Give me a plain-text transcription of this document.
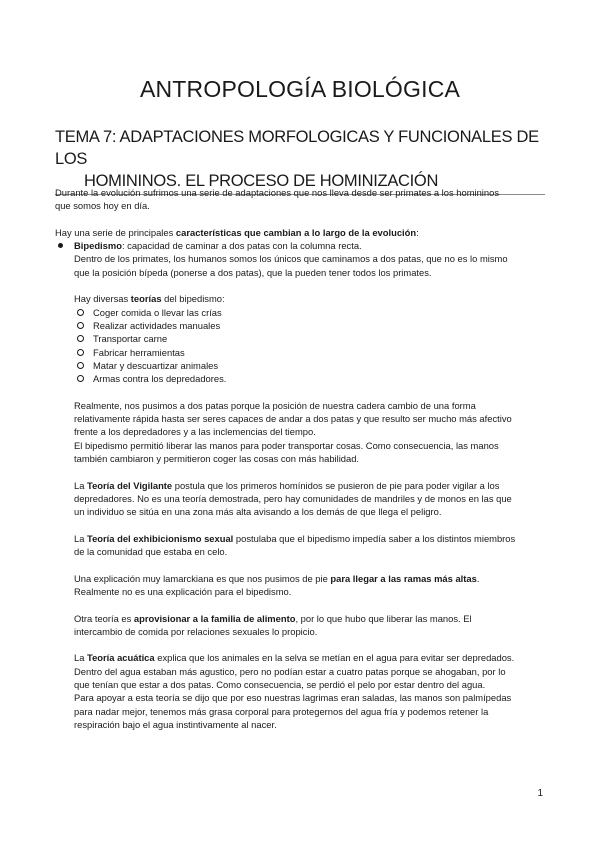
ANTROPOLOGÍA BIOLÓGICA
TEMA 7: ADAPTACIONES MORFOLOGICAS Y FUNCIONALES DE LOS
HOMININOS. EL PROCESO DE HOMINIZACIÓN

Durante la evolución sufrimos una serie de adaptaciones que nos lleva desde ser primates a los homininos
que somos hoy en día.

Hay una serie de principales características que cambian a lo largo de la evolución:

Bipedismo: capacidad de caminar a dos patas con la columna recta.
Dentro de los primates, los humanos somos los únicos que caminamos a dos patas, que no es lo mismo
que la posición bípeda (ponerse a dos patas), que la pueden tener todos los primates.

Hay diversas teorías del bipedismo:

Coger comida o llevar las crías
Realizar actividades manuales
Transportar carne
Fabricar herramientas
Matar y descuartizar animales
Armas contra los depredadores.

Realmente, nos pusimos a dos patas porque la posición de nuestra cadera cambio de una forma
relativamente rápida hasta ser seres capaces de andar a dos patas y que resulto ser mucho más afectivo
frente a los depredadores y a las inclemencias del tiempo.
El bipedismo permitió liberar las manos para poder transportar cosas. Como consecuencia, las manos
también cambiaron y permitieron coger las cosas con más habilidad.

La Teoría del Vigilante postula que los primeros homínidos se pusieron de pie para poder vigilar a los
depredadores. No es una teoría demostrada, pero hay comunidades de mandriles y de monos en las que
un individuo se sitúa en una zona más alta avisando a los demás de que llega el peligro.

La Teoría del exhibicionismo sexual postulaba que el bipedismo impedía saber a los distintos miembros
de la comunidad que estaba en celo.

Una explicación muy lamarckiana es que nos pusimos de pie para llegar a las ramas más altas.
Realmente no es una explicación para el bipedismo.

Otra teoría es aprovisionar a la familia de alimento, por lo que hubo que liberar las manos. El
intercambio de comida por relaciones sexuales lo propicio.

La Teoría acuática explica que los animales en la selva se metían en el agua para evitar ser depredados.
Dentro del agua estaban más agustico, pero no podían estar a cuatro patas porque se ahogaban, por lo
que tenían que estar a dos patas. Como consecuencia, se perdió el pelo por estar dentro del agua.
Para apoyar a esta teoría se dijo que por eso nuestras lagrimas eran saladas, las manos son palmípedas
para nadar mejor, tenemos más grasa corporal para protegernos del agua fría y podemos retener la
respiración bajo el agua instintivamente al nacer.

1
